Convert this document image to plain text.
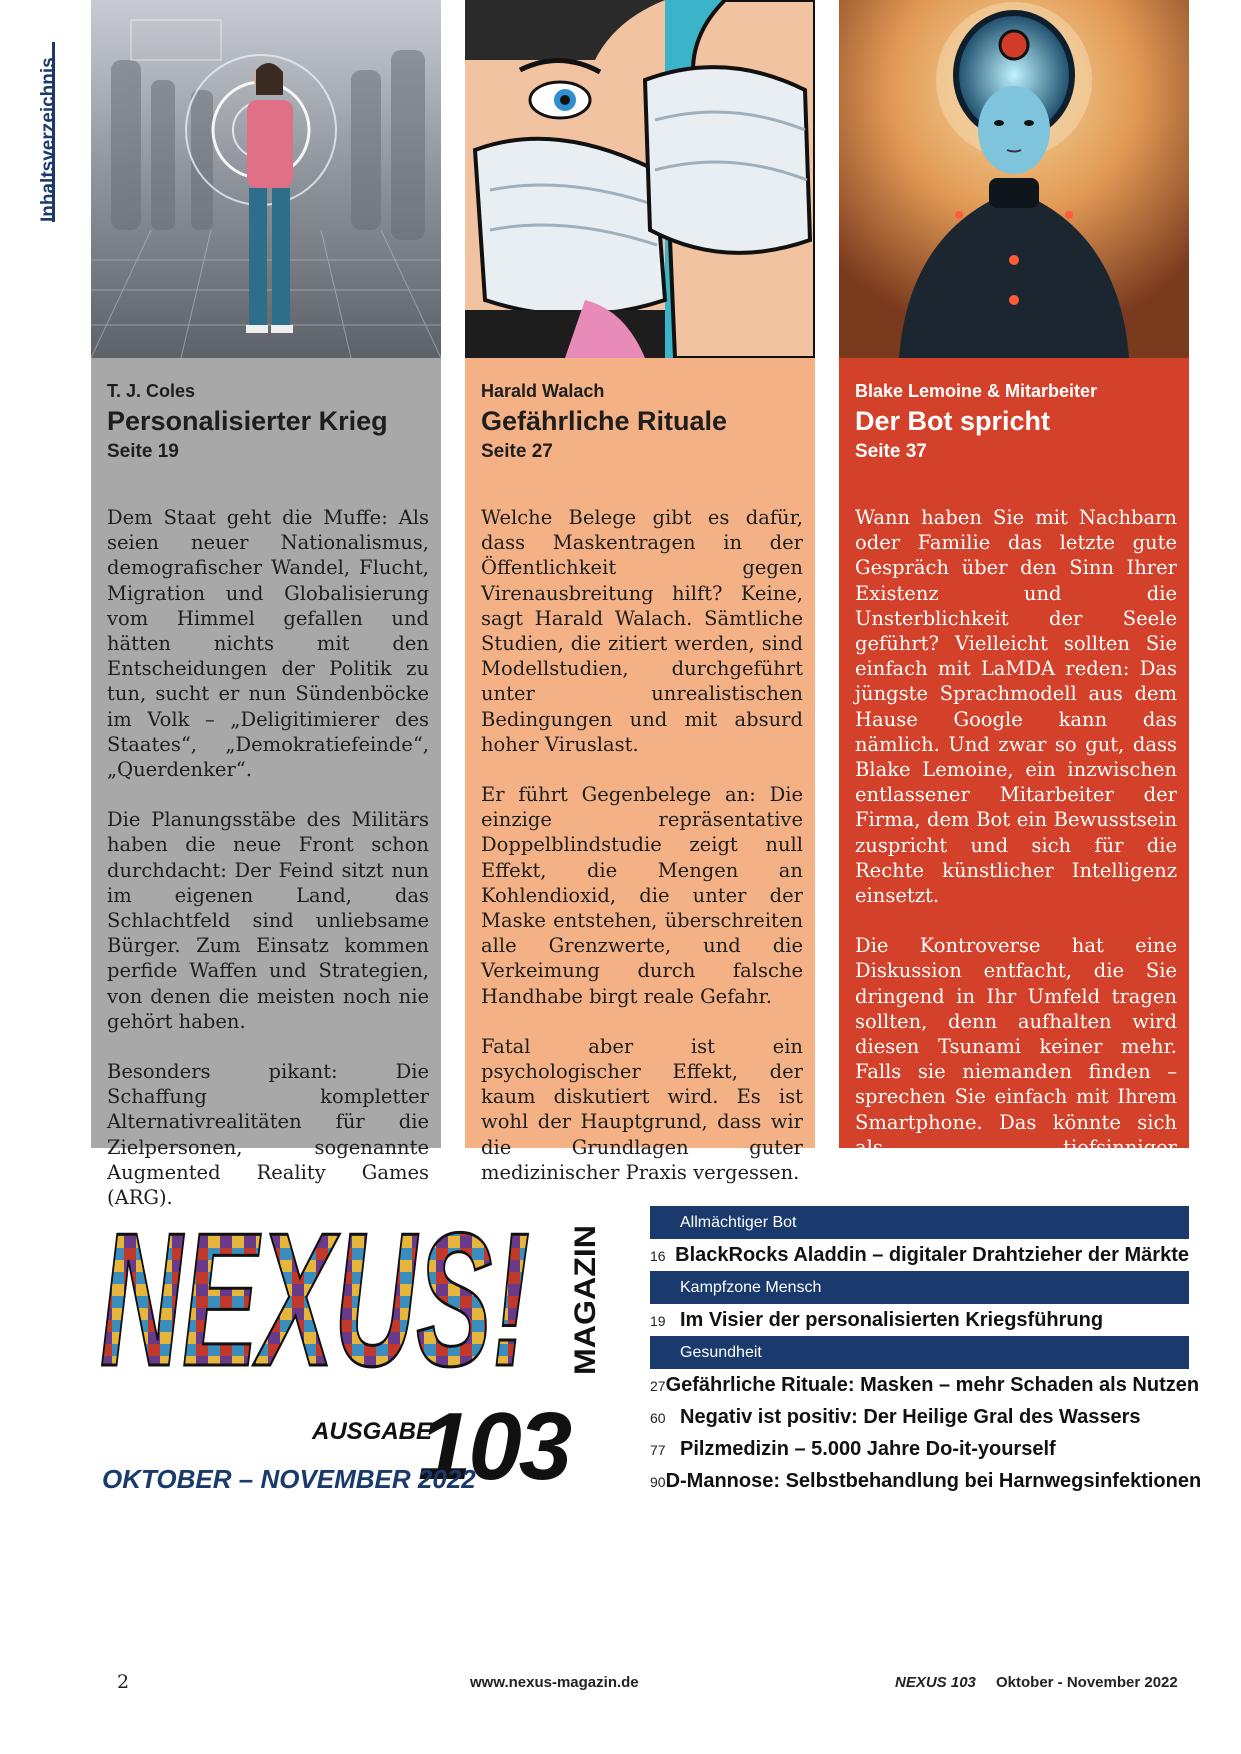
Inhaltsverzeichnis

T. J. Coles

Personalisierter Krieg

Seite 19

Dem Staat geht die Muffe: Als seien neuer Nationalismus, demografischer Wandel, Flucht, Migration und Globalisierung vom Himmel gefallen und hätten nichts mit den Entscheidungen der Politik zu tun, sucht er nun Sündenböcke im Volk – „Deligitimierer des Staates“, „Demokratiefeinde“, „Querdenker“.

Die Planungsstäbe des Militärs haben die neue Front schon durchdacht: Der Feind sitzt nun im eigenen Land, das Schlachtfeld sind unliebsame Bürger. Zum Einsatz kommen perfide Waffen und Strategien, von denen die meisten noch nie gehört haben.

Besonders pikant: Die Schaffung kompletter Alternativrealitäten für die Zielpersonen, sogenannte Augmented Reality Games (ARG).

Harald Walach

Gefährliche Rituale

Seite 27

Welche Belege gibt es dafür, dass Maskentragen in der Öffentlichkeit gegen Virenausbreitung hilft? Keine, sagt Harald Walach. Sämtliche Studien, die zitiert werden, sind Modellstudien, durchgeführt unter unrealistischen Bedingungen und mit absurd hoher Viruslast.

Er führt Gegenbelege an: Die einzige repräsentative Doppelblindstudie zeigt null Effekt, die Mengen an Kohlendioxid, die unter der Maske entstehen, überschreiten alle Grenzwerte, und die Verkeimung durch falsche Handhabe birgt reale Gefahr.

Fatal aber ist ein psychologischer Effekt, der kaum diskutiert wird. Es ist wohl der Hauptgrund, dass wir die Grundlagen guter medizinischer Praxis vergessen.

Blake Lemoine & Mitarbeiter

Der Bot spricht

Seite 37

Wann haben Sie mit Nachbarn oder Familie das letzte gute Gespräch über den Sinn Ihrer Existenz und die Unsterblichkeit der Seele geführt? Vielleicht sollten Sie einfach mit LaMDA reden: Das jüngste Sprachmodell aus dem Hause Google kann das nämlich. Und zwar so gut, dass Blake Lemoine, ein inzwischen entlassener Mitarbeiter der Firma, dem Bot ein Bewusstsein zuspricht und sich für die Rechte künstlicher Intelligenz einsetzt.

Die Kontroverse hat eine Diskussion entfacht, die Sie dringend in Ihr Umfeld tragen sollten, denn aufhalten wird diesen Tsunami keiner mehr. Falls sie niemanden finden – sprechen Sie einfach mit Ihrem Smartphone. Das könnte sich als tiefsinniger Gesprächspartner entpuppen.

NEXUS! MAGAZIN
AUSGABE
103
OKTOBER – NOVEMBER 2022
Allmächtiger Bot
16 BlackRocks Aladdin – digitaler Drahtzieher der Märkte
Kampfzone Mensch
19 Im Visier der personalisierten Kriegsführung
Gesundheit
27 Gefährliche Rituale: Masken – mehr Schaden als Nutzen
60 Negativ ist positiv: Der Heilige Gral des Wassers
77 Pilzmedizin – 5.000 Jahre Do-it-yourself
90 D-Mannose: Selbstbehandlung bei Harnwegsinfektionen
2	www.nexus-magazin.de	NEXUS 103 Oktober - November 2022
